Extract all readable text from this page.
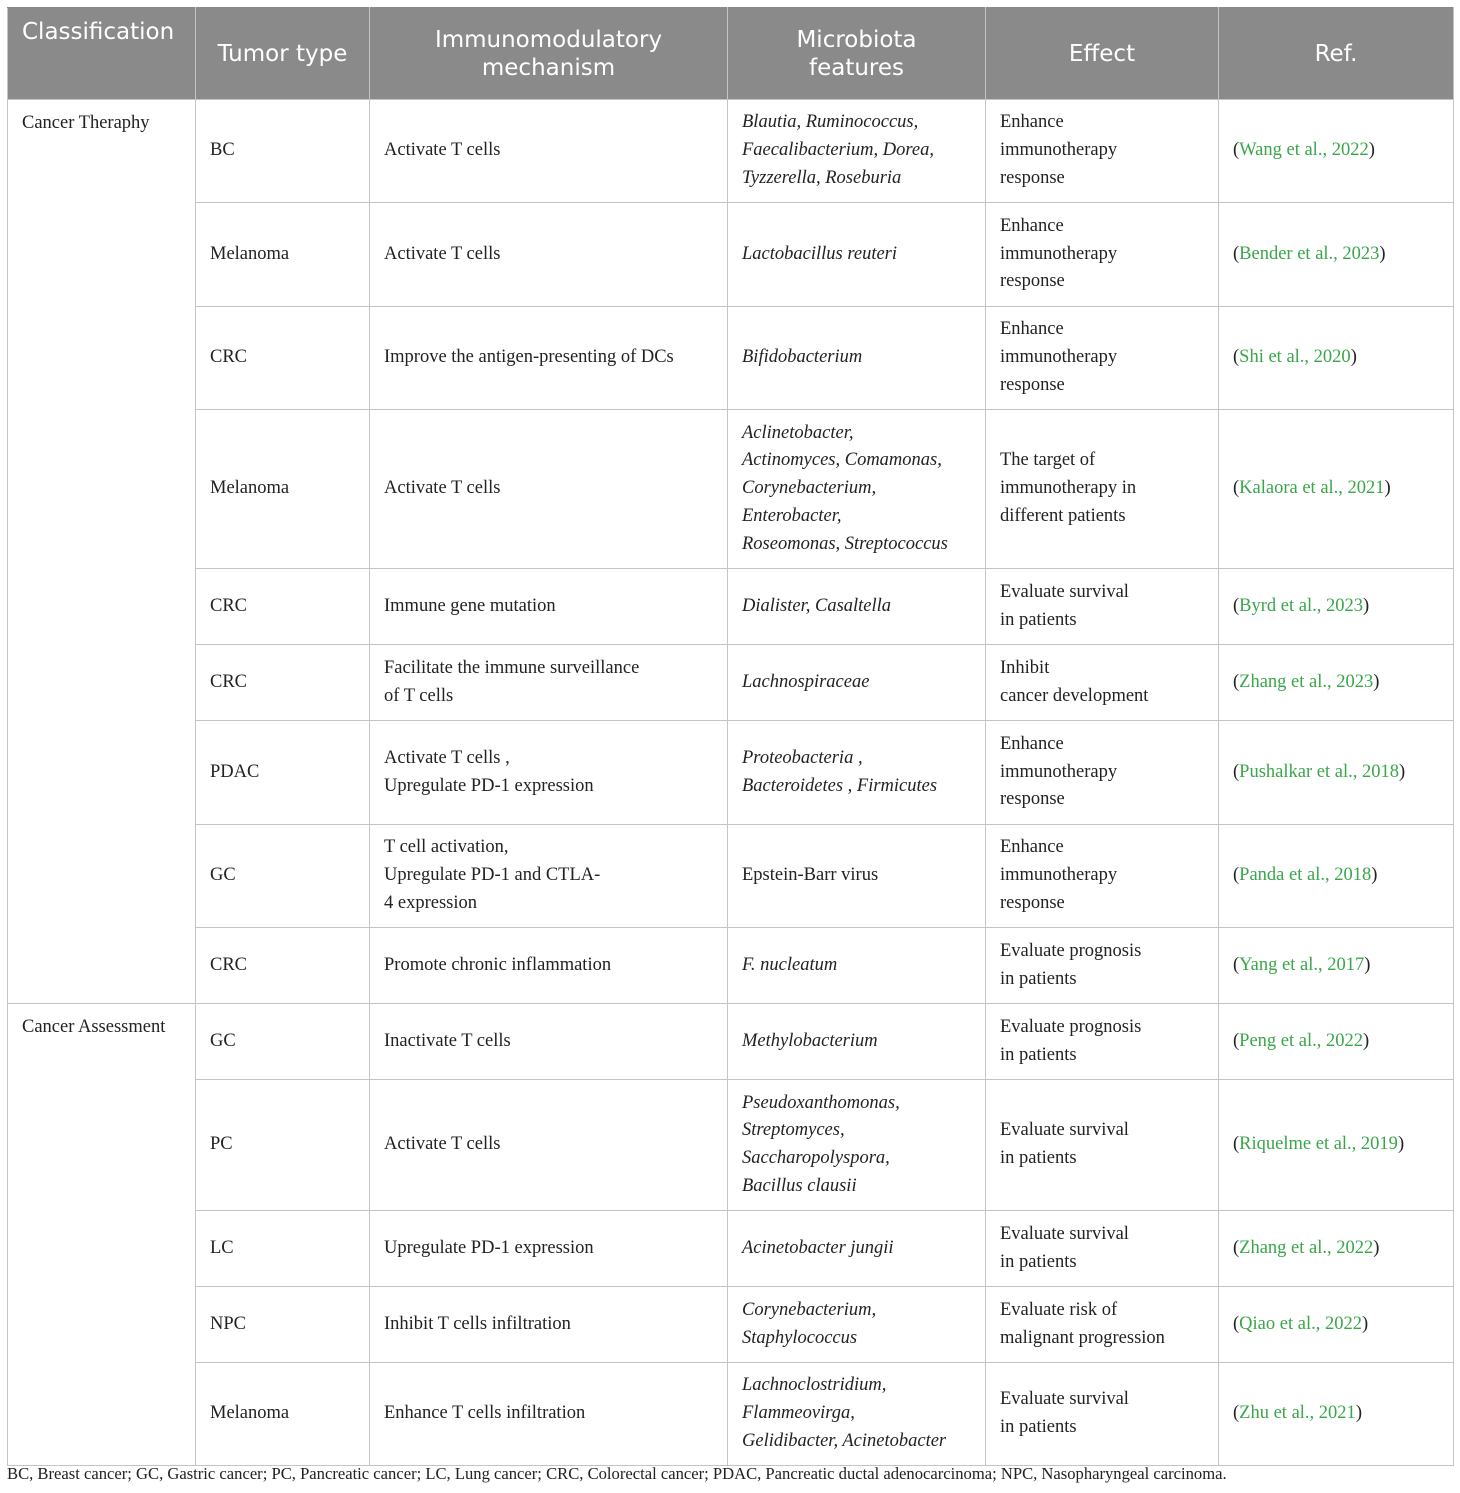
Classification	Tumor type	Immunomodulatory
mechanism	Microbiota
features	Effect	Ref.
Cancer Theraphy	BC	Activate T cells	Blautia, Ruminococcus,
Faecalibacterium, Dorea,
Tyzzerella, Roseburia	Enhance
immunotherapy
response	(Wang et al., 2022)
	Melanoma	Activate T cells	Lactobacillus reuteri	Enhance
immunotherapy
response	(Bender et al., 2023)
	CRC	Improve the antigen-presenting of DCs	Bifidobacterium	Enhance
immunotherapy
response	(Shi et al., 2020)
	Melanoma	Activate T cells	Aclinetobacter,
Actinomyces, Comamonas,
Corynebacterium,
Enterobacter,
Roseomonas, Streptococcus	The target of
immunotherapy in
different patients	(Kalaora et al., 2021)
	CRC	Immune gene mutation	Dialister, Casaltella	Evaluate survival
in patients	(Byrd et al., 2023)
	CRC	Facilitate the immune surveillance
of T cells	Lachnospiraceae	Inhibit
cancer development	(Zhang et al., 2023)
	PDAC	Activate T cells ,
Upregulate PD-1 expression	Proteobacteria ,
Bacteroidetes , Firmicutes	Enhance
immunotherapy
response	(Pushalkar et al., 2018)
	GC	T cell activation,
Upregulate PD-1 and CTLA-
4 expression	Epstein-Barr virus	Enhance
immunotherapy
response	(Panda et al., 2018)
	CRC	Promote chronic inflammation	F. nucleatum	Evaluate prognosis
in patients	(Yang et al., 2017)
Cancer Assessment	GC	Inactivate T cells	Methylobacterium	Evaluate prognosis
in patients	(Peng et al., 2022)
	PC	Activate T cells	Pseudoxanthomonas,
Streptomyces,
Saccharopolyspora,
Bacillus clausii	Evaluate survival
in patients	(Riquelme et al., 2019)
	LC	Upregulate PD-1 expression	Acinetobacter jungii	Evaluate survival
in patients	(Zhang et al., 2022)
	NPC	Inhibit T cells infiltration	Corynebacterium,
Staphylococcus	Evaluate risk of
malignant progression	(Qiao et al., 2022)
	Melanoma	Enhance T cells infiltration	Lachnoclostridium,
Flammeovirga,
Gelidibacter, Acinetobacter	Evaluate survival
in patients	(Zhu et al., 2021)
BC, Breast cancer; GC, Gastric cancer; PC, Pancreatic cancer; LC, Lung cancer; CRC, Colorectal cancer; PDAC, Pancreatic ductal adenocarcinoma; NPC, Nasopharyngeal carcinoma.
